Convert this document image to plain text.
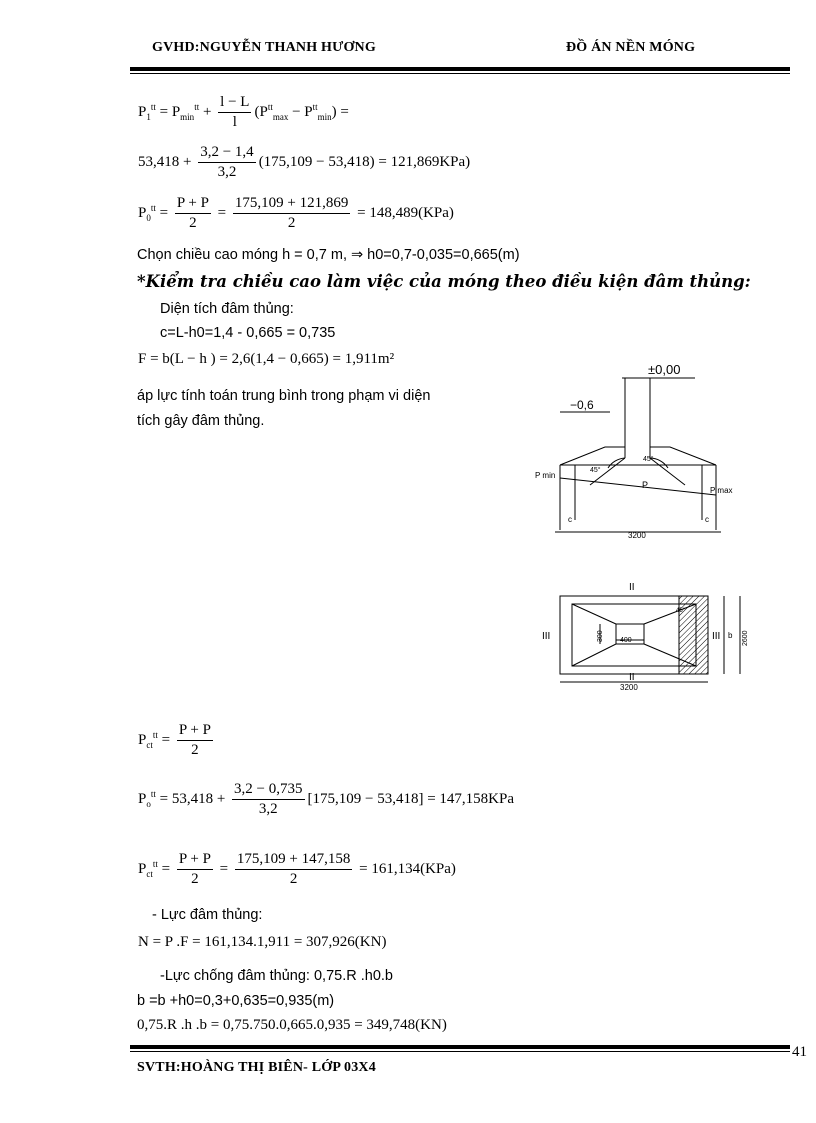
GVHD:NGUYỄN THANH HƯƠNG	ĐỒ ÁN NỀN MÓNG
$P_1^{tt} = P_{min}^{tt} + \frac{l - L}{l} (P^{tt}_{max} - P^{tt}_{min})$ =
$53,418 + \frac{3,2 - 1,4}{3,2} (175,109 - 53,418) = 121,869KPa$)
$P_0^{tt} = \frac{P + P}{2} = \frac{175,109 + 121,869}{2} = 148,489(KPa)$
Chọn chiều cao móng h = 0,7 m, ⇒ h0=0,7-0,035=0,665(m)
*Kiểm tra chiều cao làm việc của móng theo điều kiện đâm thủng:
Diện tích đâm thủng:
c=L-h0=1,4 - 0,665 = 0,735
F = b(L − h ) = 2,6(1,4 − 0,665) = 1,911m²
áp lực tính toán trung bình trong phạm vi diện
tích gây đâm thủng.
±0,00
−0,6
45°
45°
P min
P
P max
c	c
3200
II
II
III	III
300 400
b 2600
3200
45°
$P_{ct}^{tt} = \frac{P + P}{2}$
$P_o^{tt} = 53,418 + \frac{3,2 - 0,735}{3,2} [175,109 - 53,418] = 147,158KPa$
$P_{ct}^{tt} = \frac{P + P}{2} = \frac{175,109 + 147,158}{2} = 161,134(KPa)$
- Lực đâm thủng:
N = P .F = 161,134.1,911 = 307,926(KN)
-Lực chống đâm thủng: 0,75.R .h0.b
b =b +h0=0,3+0,635=0,935(m)
0,75.R .h .b = 0,75.750.0,665.0,935 = 349,748(KN)
SVTH:HOÀNG THỊ BIÊN- LỚP 03X4
41
